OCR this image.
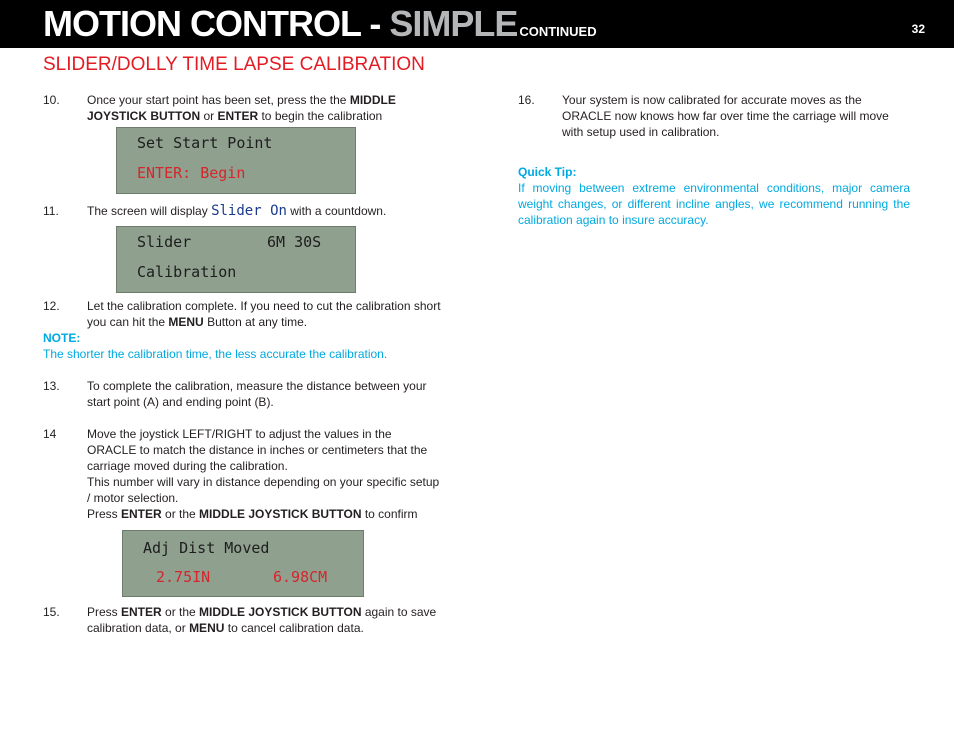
MOTION CONTROL - SIMPLE CONTINUED	32
SLIDER/DOLLY TIME LAPSE CALIBRATION
10. Once your start point has been set, press the the MIDDLE JOYSTICK BUTTON or ENTER to begin the calibration

Set Start Point
ENTER: Begin
11. The screen will display Slider On with a countdown.

Slider	6M 30S
Calibration
12. Let the calibration complete. If you need to cut the calibration short you can hit the MENU Button at any time.

NOTE:
The shorter the calibration time, the less accurate the calibration.
13. To complete the calibration, measure the distance between your start point (A) and ending point (B).

14	Move the joystick LEFT/RIGHT to adjust the values in the ORACLE to match the distance in inches or centimeters that the carriage moved during the calibration.

This number will vary in distance depending on your specific setup / motor selection.

Press ENTER or the MIDDLE JOYSTICK BUTTON to confirm

Adj Dist Moved
2.75IN	6.98CM
15. Press ENTER or the MIDDLE JOYSTICK BUTTON again to save calibration data, or MENU to cancel calibration data.

16. Your system is now calibrated for accurate moves as the ORACLE now knows how far over time the carriage will move with setup used in calibration.

Quick Tip:
If moving between extreme environmental conditions, major camera weight changes, or different incline angles, we recommend running the calibration again to insure accuracy.
